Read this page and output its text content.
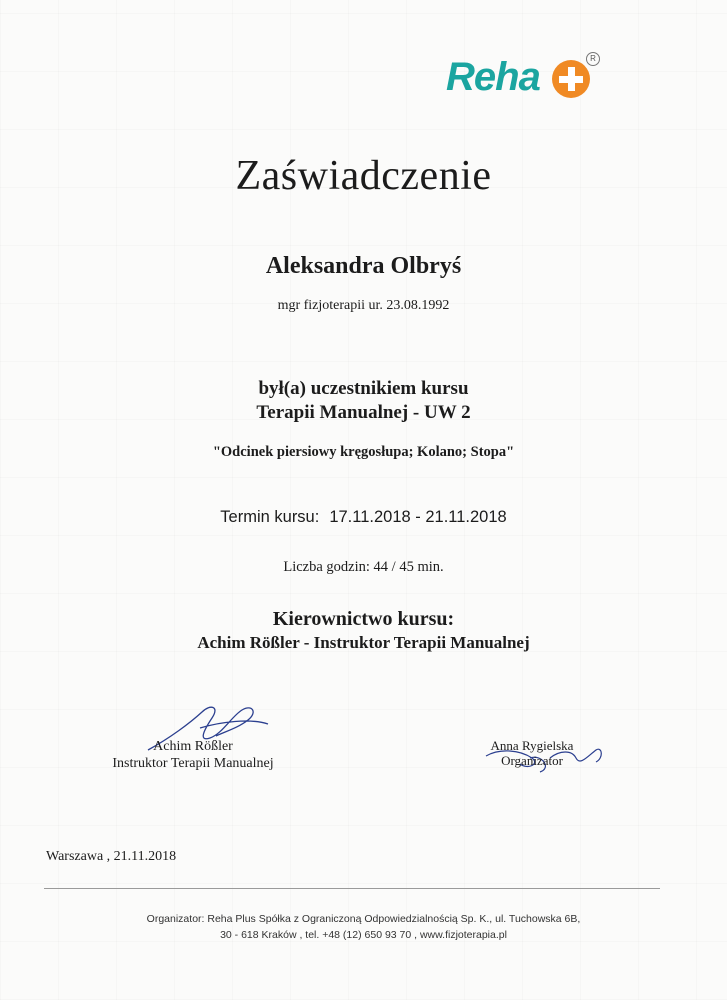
Reha	R
Zaświadczenie
Aleksandra Olbryś
mgr fizjoterapii ur. 23.08.1992
był(a) uczestnikiem kursu
Terapii Manualnej - UW 2
"Odcinek piersiowy kręgosłupa; Kolano; Stopa"
Termin kursu: 17.11.2018 - 21.11.2018
Liczba godzin: 44 / 45 min.
Kierownictwo kursu:
Achim Rößler - Instruktor Terapii Manualnej
Achim Rößler
Instruktor Terapii Manualnej
Anna Rygielska
Organizator
Warszawa , 21.11.2018
Organizator: Reha Plus Spółka z Ograniczoną Odpowiedzialnością Sp. K., ul. Tuchowska 6B,
30 - 618 Kraków , tel. +48 (12) 650 93 70 , www.fizjoterapia.pl
